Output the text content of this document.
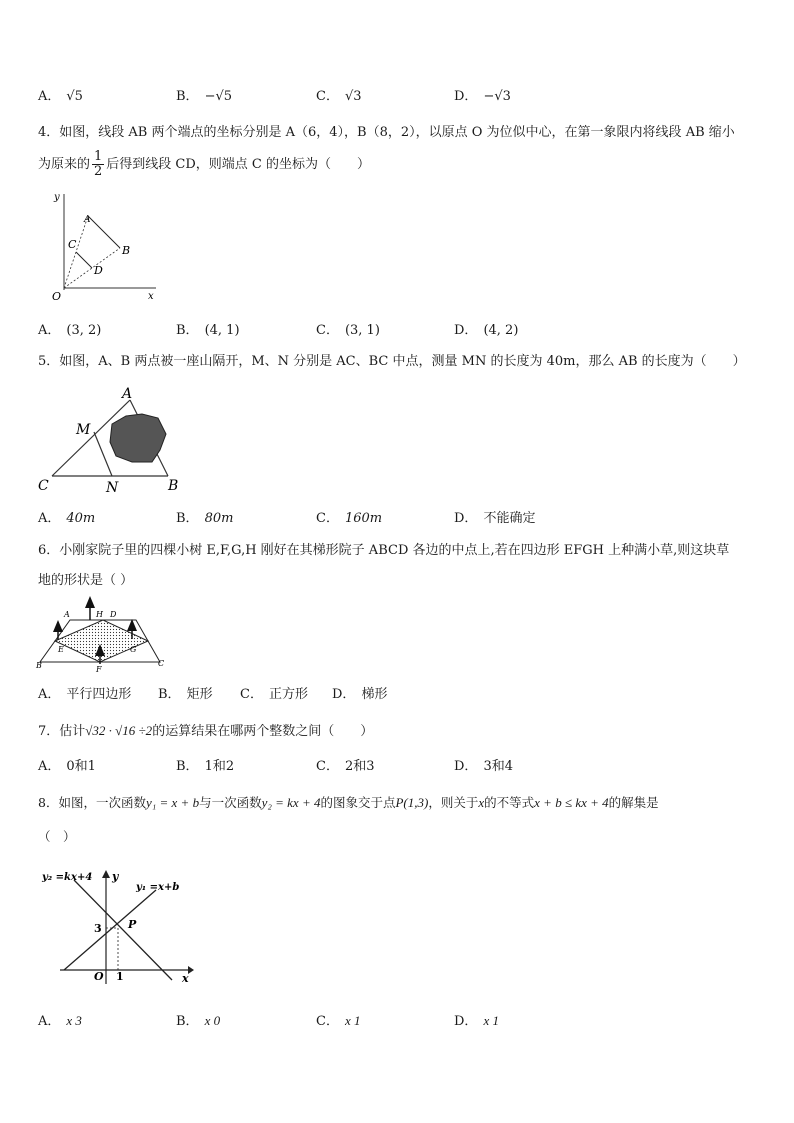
A． √5	B． −√5	C． √3	D． −√3
4．如图，线段 AB 两个端点的坐标分别是 A（6，4），B（8，2），以原点 O 为位似中心，在第一象限内将线段 AB 缩小
为原来的 $\frac{1}{2}$ 后得到线段 CD，则端点 C 的坐标为（　　）
y
x
A
B
C
D
O
A． (3, 2)	B． (4, 1)	C． (3, 1)	D． (4, 2)
5．如图，A、B 两点被一座山隔开，M、N 分别是 AC、BC 中点，测量 MN 的长度为 40m，那么 AB 的长度为（　　）
A
B
C
M
N
A． 40m	B． 80m	C． 160m	D． 不能确定
6．小刚家院子里的四棵小树 E,F,G,H 刚好在其梯形院子 ABCD 各边的中点上,若在四边形 EFGH 上种满小草,则这块草
地的形状是（ ）
A	H D
E	G
B	F
C
A． 平行四边形 B． 矩形 C． 正方形 D． 梯形
7．估计√32 · √16 ÷2的运算结果在哪两个整数之间（　　）
A． 0和1	B． 1和2	C． 2和3	D． 3和4
8．如图，一次函数y₁ = x + b与一次函数y₂ = kx + 4的图象交于点P(1,3)，则关于x的不等式x + b ≤ kx + 4的解集是
（　）
y₂ =kx+4
y₁ =x+b
y
x
P
3
O 1
A． x 3	B． x 0	C． x 1	D． x 1
